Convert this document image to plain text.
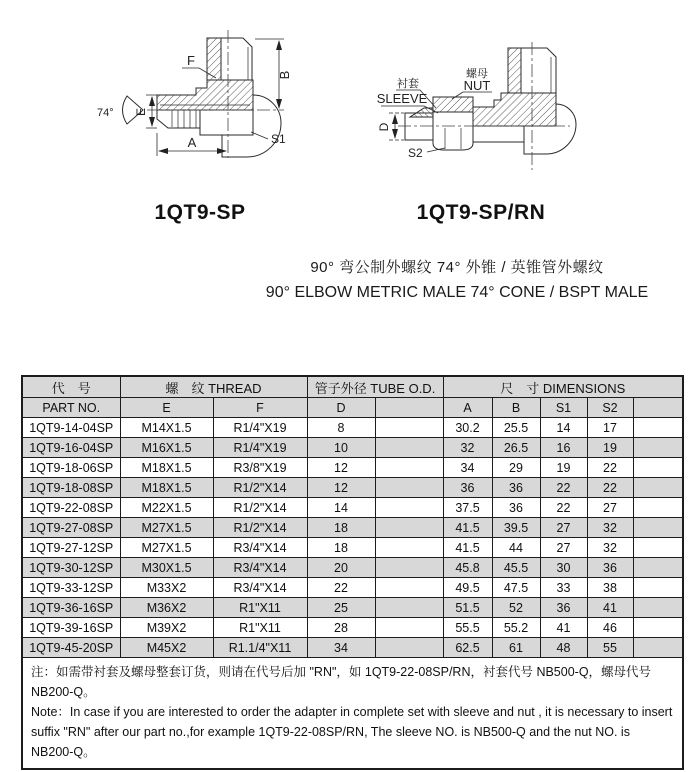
F
B
E
A	S1
74°
衬套
SLEEVE
螺母
NUT
D
S2
1QT9-SP	1QT9-SP/RN
90° 弯公制外螺纹 74° 外锥 / 英锥管外螺纹
90° ELBOW METRIC MALE 74° CONE / BSPT MALE
代　号	螺　纹 THREAD		管子外径 TUBE O.D.		尺　寸 DIMENSIONS				
PART NO.	E	F	D		A	B	S1	S2	
1QT9-14-04SP	M14X1.5	R1/4"X19	8		30.2	25.5	14	17	
1QT9-16-04SP	M16X1.5	R1/4"X19	10		32	26.5	16	19	
1QT9-18-06SP	M18X1.5	R3/8"X19	12		34	29	19	22	
1QT9-18-08SP	M18X1.5	R1/2"X14	12		36	36	22	22	
1QT9-22-08SP	M22X1.5	R1/2"X14	14		37.5	36	22	27	
1QT9-27-08SP	M27X1.5	R1/2"X14	18		41.5	39.5	27	32	
1QT9-27-12SP	M27X1.5	R3/4"X14	18		41.5	44	27	32	
1QT9-30-12SP	M30X1.5	R3/4"X14	20		45.8	45.5	30	36	
1QT9-33-12SP	M33X2	R3/4"X14	22		49.5	47.5	33	38	
1QT9-36-16SP	M36X2	R1"X11	25		51.5	52	36	41	
1QT9-39-16SP	M39X2	R1"X11	28		55.5	55.2	41	46	
1QT9-45-20SP	M45X2	R1.1/4"X11	34		62.5	61	48	55	

注：如需带衬套及螺母整套订货，则请在代号后加 "RN"，如 1QT9-22-08SP/RN，衬套代号 NB500-Q，螺母代号 NB200-Q。
Note：In case if you are interested to order the adapter in complete set with sleeve and nut , it is necessary to insert suffix "RN" after our part no.,for example 1QT9-22-08SP/RN, The sleeve NO. is NB500-Q and the nut NO. is NB200-Q。									
